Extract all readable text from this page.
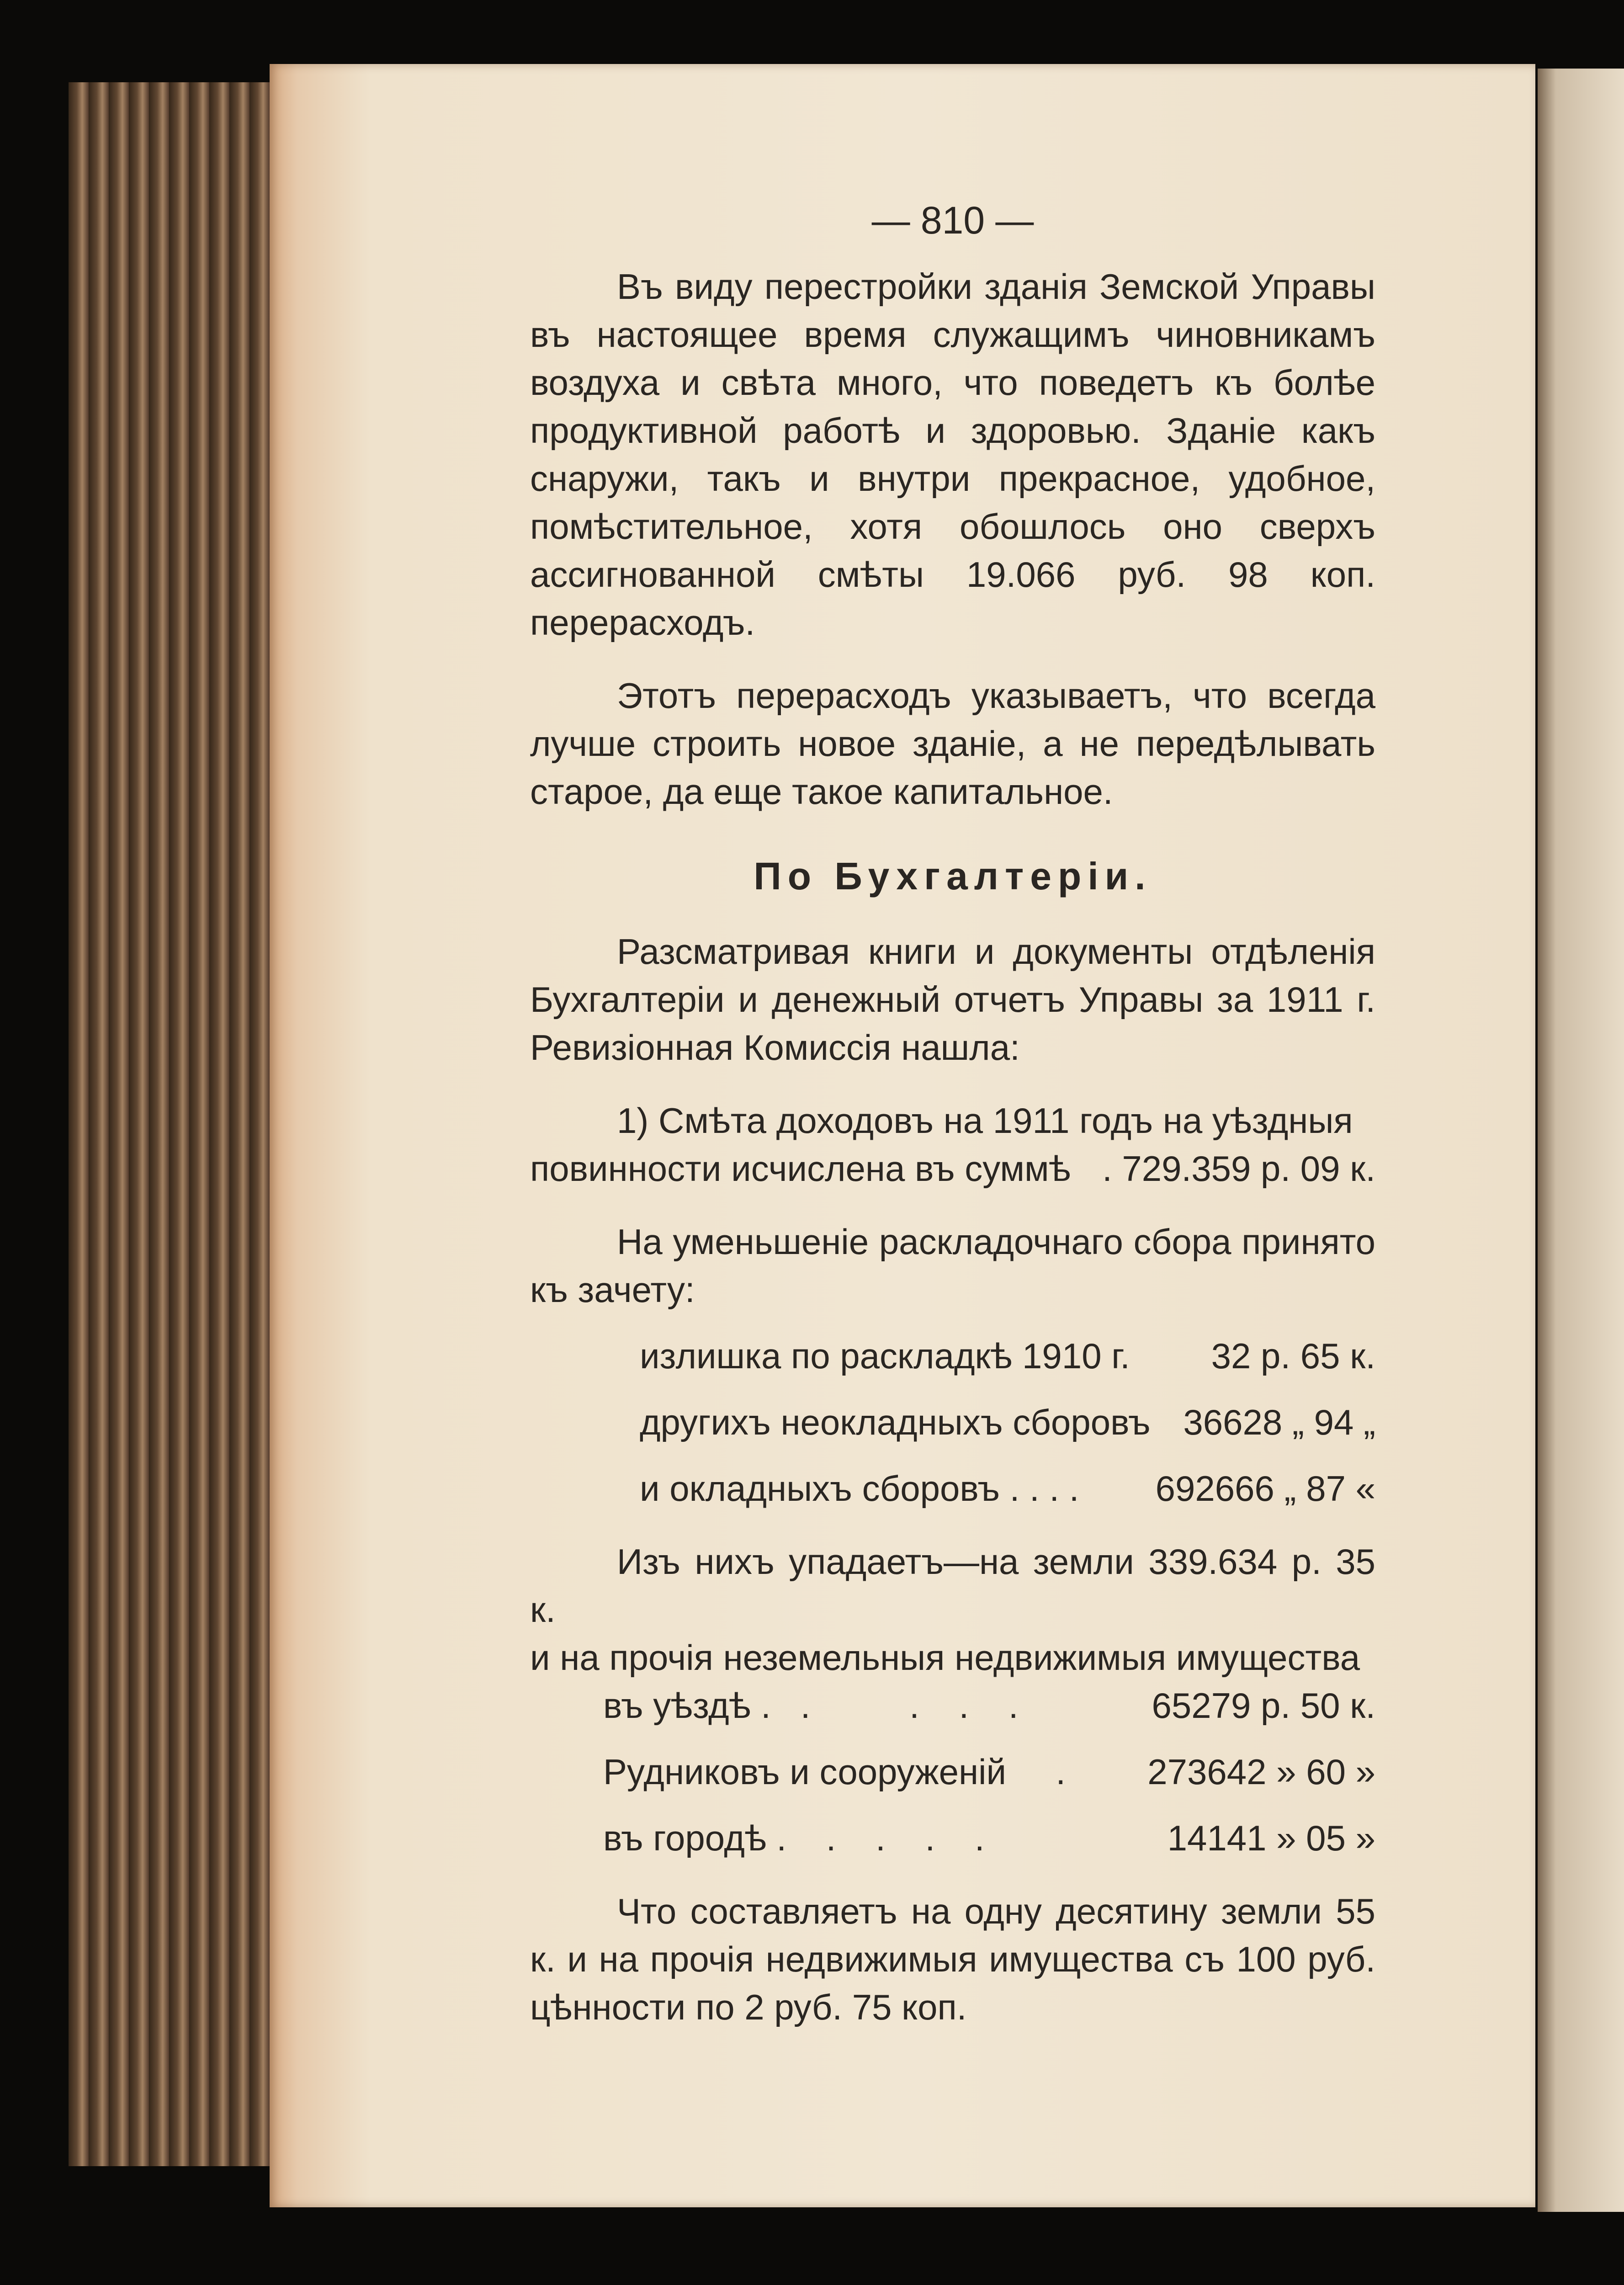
— 810 —

Въ виду перестройки зданія Земской Управы въ настоящее время служащимъ чиновникамъ воздуха и свѣта много, что поведетъ къ болѣе продуктивной работѣ и здоровью. Зданіе какъ снаружи, такъ и внутри прекрасное, удобное, помѣстительное, хотя обошлось оно сверхъ ассигнованной смѣты 19.066 руб. 98 коп. перерасходъ.

Этотъ перерасходъ указываетъ, что всегда лучше строить новое зданіе, а не передѣлывать старое, да еще такое капитальное.

По Бухгалтеріи.

Разсматривая книги и документы отдѣленія Бухгалтеріи и денежный отчетъ Управы за 1911 г. Ревизіонная Комиссія нашла:

1) Смѣта доходовъ на 1911 годъ на уѣздныя

повинности исчислена въ суммѣ . 729.359 р. 09 к.

На уменьшеніе раскладочнаго сбора принято къ зачету:

излишка по раскладкѣ 1910 г. 32 р. 65 к.
другихъ неокладныхъ сборовъ 36628 „ 94 „
и окладныхъ сборовъ . . . . 692666 „ 87 «

Изъ нихъ упадаетъ—на земли 339.634 р. 35 к.

и на прочія неземельныя недвижимыя имущества

въ уѣздѣ .   .          .    .    .	65279 р. 50 к.
Рудниковъ и сооруженій     . 273642 » 60 »
въ городѣ .    .    .    .    .	14141 » 05 »

Что составляетъ на одну десятину земли 55 к. и на прочія недвижимыя имущества съ 100 руб. цѣнности по 2 руб. 75 коп.
